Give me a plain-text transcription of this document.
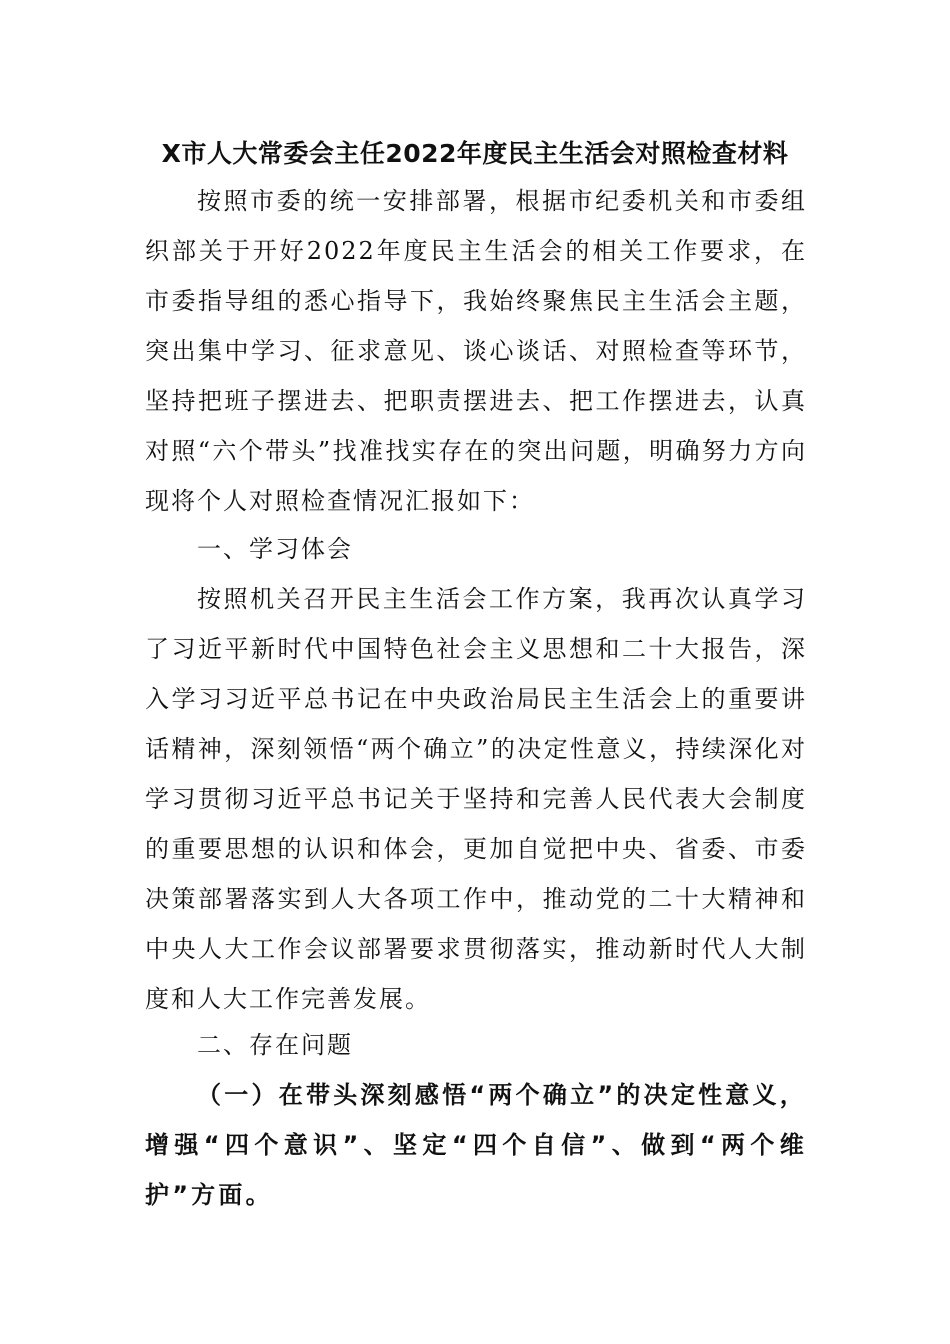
X市人大常委会主任2022年度民主生活会对照检查材料
按照市委的统一安排部署，根据市纪委机关和市委组织部关于开好2022年度民主生活会的相关工作要求，在市委指导组的悉心指导下，我始终聚焦民主生活会主题，突出集中学习、征求意见、谈心谈话、对照检查等环节，坚持把班子摆进去、把职责摆进去、把工作摆进去，认真对照“六个带头”找准找实存在的突出问题，明确努力方向现将个人对照检查情况汇报如下：
一、学习体会
按照机关召开民主生活会工作方案，我再次认真学习了习近平新时代中国特色社会主义思想和二十大报告，深入学习习近平总书记在中央政治局民主生活会上的重要讲话精神，深刻领悟“两个确立”的决定性意义，持续深化对学习贯彻习近平总书记关于坚持和完善人民代表大会制度的重要思想的认识和体会，更加自觉把中央、省委、市委决策部署落实到人大各项工作中，推动党的二十大精神和中央人大工作会议部署要求贯彻落实，推动新时代人大制度和人大工作完善发展。
二、存在问题
（一）在带头深刻感悟“两个确立”的决定性意义，增强“四个意识”、坚定“四个自信”、做到“两个维护”方面。
